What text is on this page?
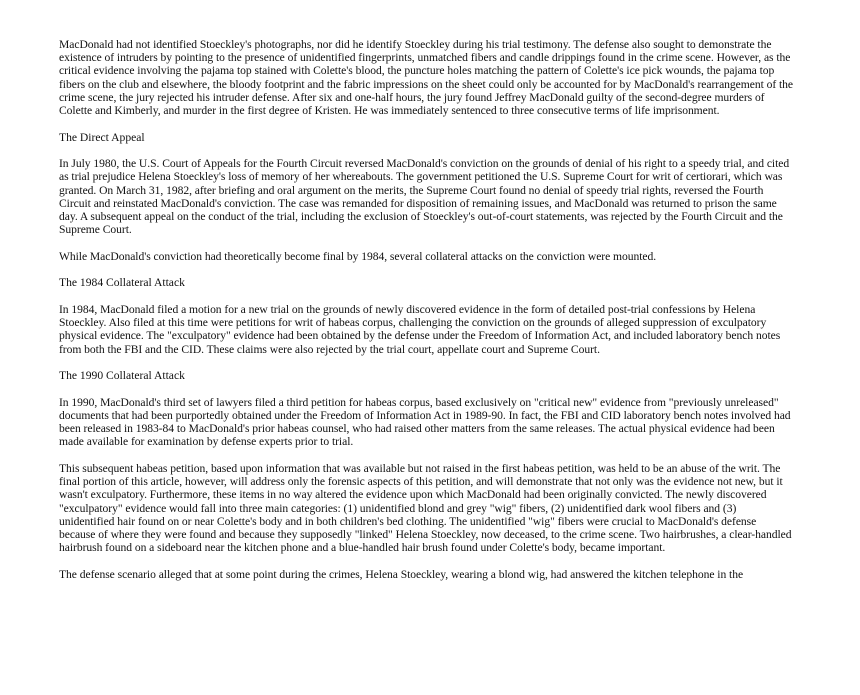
MacDonald had not identified Stoeckley's photographs, nor did he identify Stoeckley during his trial testimony. The defense also sought to demonstrate the existence of intruders by pointing to the presence of unidentified fingerprints, unmatched fibers and candle drippings found in the crime scene. However, as the critical evidence involving the pajama top stained with Colette's blood, the puncture holes matching the pattern of Colette's ice pick wounds, the pajama top fibers on the club and elsewhere, the bloody footprint and the fabric impressions on the sheet could only be accounted for by MacDonald's rearrangement of the crime scene, the jury rejected his intruder defense. After six and one-half hours, the jury found Jeffrey MacDonald guilty of the second-degree murders of Colette and Kimberly, and murder in the first degree of Kristen. He was immediately sentenced to three consecutive terms of life imprisonment.

The Direct Appeal

In July 1980, the U.S. Court of Appeals for the Fourth Circuit reversed MacDonald's conviction on the grounds of denial of his right to a speedy trial, and cited as trial prejudice Helena Stoeckley's loss of memory of her whereabouts. The government petitioned the U.S. Supreme Court for writ of certiorari, which was granted. On March 31, 1982, after briefing and oral argument on the merits, the Supreme Court found no denial of speedy trial rights, reversed the Fourth Circuit and reinstated MacDonald's conviction. The case was remanded for disposition of remaining issues, and MacDonald was returned to prison the same day. A subsequent appeal on the conduct of the trial, including the exclusion of Stoeckley's out-of-court statements, was rejected by the Fourth Circuit and the Supreme Court.

While MacDonald's conviction had theoretically become final by 1984, several collateral attacks on the conviction were mounted.

The 1984 Collateral Attack

In 1984, MacDonald filed a motion for a new trial on the grounds of newly discovered evidence in the form of detailed post-trial confessions by Helena Stoeckley. Also filed at this time were petitions for writ of habeas corpus, challenging the conviction on the grounds of alleged suppression of exculpatory physical evidence. The "exculpatory" evidence had been obtained by the defense under the Freedom of Information Act, and included laboratory bench notes from both the FBI and the CID. These claims were also rejected by the trial court, appellate court and Supreme Court.

The 1990 Collateral Attack

In 1990, MacDonald's third set of lawyers filed a third petition for habeas corpus, based exclusively on "critical new" evidence from "previously unreleased" documents that had been purportedly obtained under the Freedom of Information Act in 1989-90. In fact, the FBI and CID laboratory bench notes involved had been released in 1983-84 to MacDonald's prior habeas counsel, who had raised other matters from the same releases. The actual physical evidence had been made available for examination by defense experts prior to trial.

This subsequent habeas petition, based upon information that was available but not raised in the first habeas petition, was held to be an abuse of the writ. The final portion of this article, however, will address only the forensic aspects of this petition, and will demonstrate that not only was the evidence not new, but it wasn't exculpatory. Furthermore, these items in no way altered the evidence upon which MacDonald had been originally convicted. The newly discovered "exculpatory" evidence would fall into three main categories: (1) unidentified blond and grey "wig" fibers, (2) unidentified dark wool fibers and (3) unidentified hair found on or near Colette's body and in both children's bed clothing. The unidentified "wig" fibers were crucial to MacDonald's defense because of where they were found and because they supposedly "linked" Helena Stoeckley, now deceased, to the crime scene. Two hairbrushes, a clear-handled hairbrush found on a sideboard near the kitchen phone and a blue-handled hair brush found under Colette's body, became important.

The defense scenario alleged that at some point during the crimes, Helena Stoeckley, wearing a blond wig, had answered the kitchen telephone in the
